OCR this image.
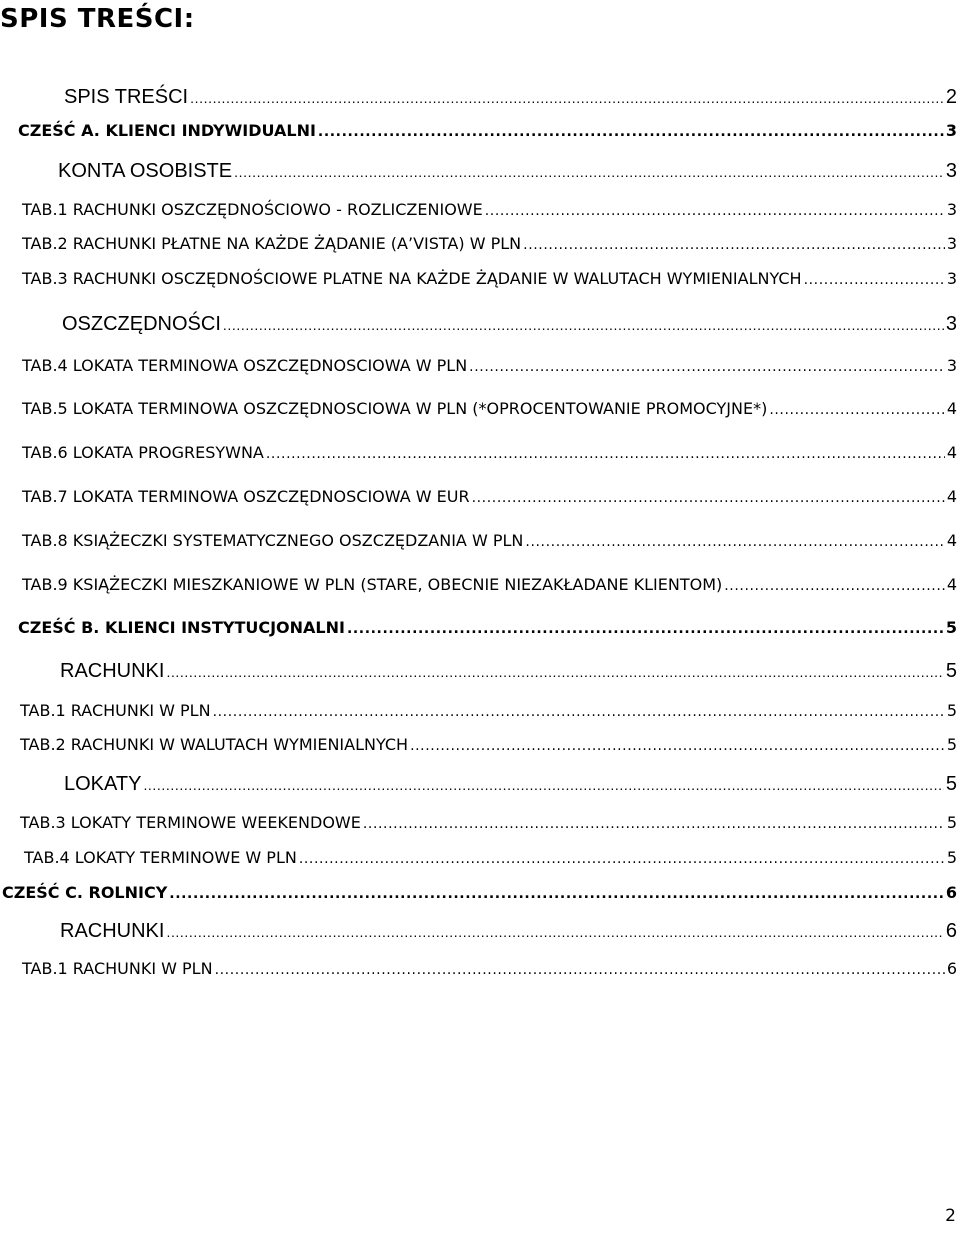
SPIS TREŚCI:
SPIS TREŚCI .....	2
CZEŚĆ A. KLIENCI INDYWIDUALNI .....	3
KONTA OSOBISTE .....	3
TAB.1 RACHUNKI OSZCZĘDNOŚCIOWO - ROZLICZENIOWE .....	3
TAB.2 RACHUNKI PŁATNE NA KAŻDE ŻĄDANIE (A’VISTA) W PLN .....	3
TAB.3 RACHUNKI OSCZĘDNOŚCIOWE PLATNE NA KAŻDE ŻĄDANIE W WALUTACH WYMIENIALNYCH .....	3
OSZCZĘDNOŚCI .....	3
TAB.4 LOKATA TERMINOWA OSZCZĘDNOSCIOWA W PLN .....	3
TAB.5 LOKATA TERMINOWA OSZCZĘDNOSCIOWA W PLN (*OPROCENTOWANIE PROMOCYJNE*) .....	4
TAB.6 LOKATA PROGRESYWNA .....	4
TAB.7 LOKATA TERMINOWA OSZCZĘDNOSCIOWA W EUR .....	4
TAB.8 KSIĄŻECZKI SYSTEMATYCZNEGO OSZCZĘDZANIA W PLN .....	4
TAB.9 KSIĄŻECZKI MIESZKANIOWE W PLN (STARE, OBECNIE NIEZAKŁADANE KLIENTOM) .....	4
CZEŚĆ B. KLIENCI INSTYTUCJONALNI .....	5
RACHUNKI .....	5
TAB.1 RACHUNKI W PLN .....	5
TAB.2 RACHUNKI W WALUTACH WYMIENIALNYCH .....	5
LOKATY .....	5
TAB.3 LOKATY TERMINOWE WEEKENDOWE .....	5
TAB.4 LOKATY TERMINOWE W PLN .....	5
CZEŚĆ C. ROLNICY .....	6
RACHUNKI .....	6
TAB.1 RACHUNKI W PLN .....	6
2
